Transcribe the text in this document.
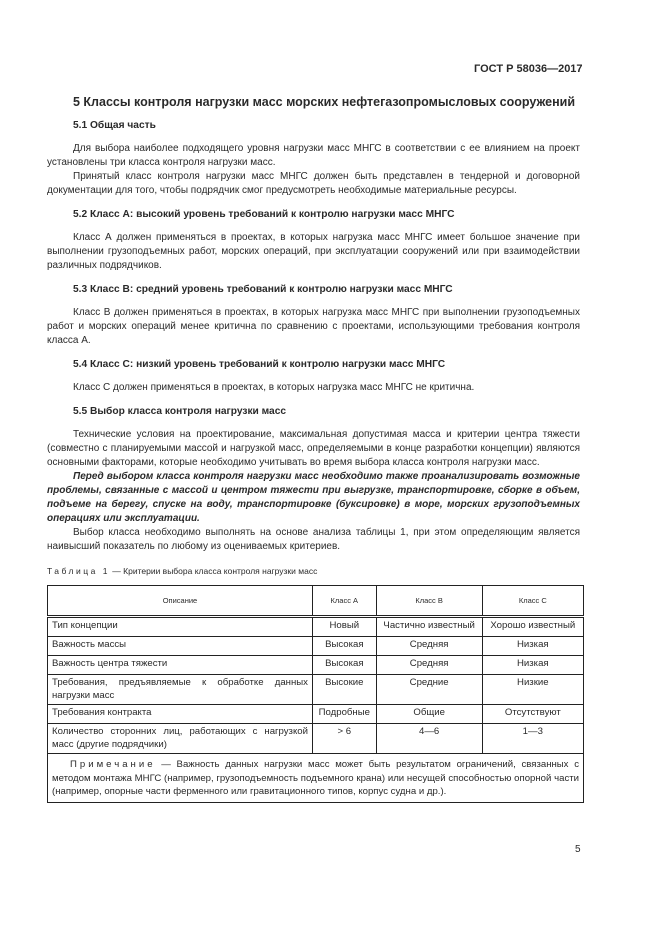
ГОСТ Р 58036—2017
5 Классы контроля нагрузки масс морских нефтегазопромысловых сооружений
5.1 Общая часть

Для выбора наиболее подходящего уровня нагрузки масс МНГС в соответствии с ее влиянием на проект установлены три класса контроля нагрузки масс.

Принятый класс контроля нагрузки масс МНГС должен быть представлен в тендерной и договорной документации для того, чтобы подрядчик смог предусмотреть необходимые материальные ресурсы.

5.2 Класс А: высокий уровень требований к контролю нагрузки масс МНГС

Класс А должен применяться в проектах, в которых нагрузка масс МНГС имеет большое значение при выполнении грузоподъемных работ, морских операций, при эксплуатации сооружений или при взаимодействии различных подрядчиков.

5.3 Класс В: средний уровень требований к контролю нагрузки масс МНГС

Класс В должен применяться в проектах, в которых нагрузка масс МНГС при выполнении грузоподъемных работ и морских операций менее критична по сравнению с проектами, использующими требования контроля класса А.

5.4 Класс С: низкий уровень требований к контролю нагрузки масс МНГС

Класс С должен применяться в проектах, в которых нагрузка масс МНГС не критична.

5.5 Выбор класса контроля нагрузки масс

Технические условия на проектирование, максимальная допустимая масса и критерии центра тяжести (совместно с планируемыми массой и нагрузкой масс, определяемыми в конце разработки концепции) являются основными факторами, которые необходимо учитывать во время выбора класса контроля нагрузки масс.

Перед выбором класса контроля нагрузки масс необходимо также проанализировать возможные проблемы, связанные с массой и центром тяжести при выгрузке, транспортировке, сборке в объем, подъеме на берегу, спуске на воду, транспортировке (буксировке) в море, морских грузоподъемных операциях или эксплуатации.

Выбор класса необходимо выполнять на основе анализа таблицы 1, при этом определяющим является наивысший показатель по любому из оцениваемых критериев.

Таблица 1 — Критерии выбора класса контроля нагрузки масс
Описание	Класс А	Класс В	Класс С
Тип концепции	Новый	Частично известный	Хорошо известный
Важность массы	Высокая	Средняя	Низкая
Важность центра тяжести	Высокая	Средняя	Низкая
Требования, предъявляемые к обработке данных нагрузки масс	Высокие	Средние	Низкие
Требования контракта	Подробные	Общие	Отсутствуют
Количество сторонних лиц, работающих с нагрузкой масс (другие подрядчики)	> 6	4—6	1—3
Примечание — Важность данных нагрузки масс может быть результатом ограничений, связанных с методом монтажа МНГС (например, грузоподъемность подъемного крана) или несущей способностью опорной части (например, опорные части ферменного или гравитационного типов, корпус судна и др.).			
5
